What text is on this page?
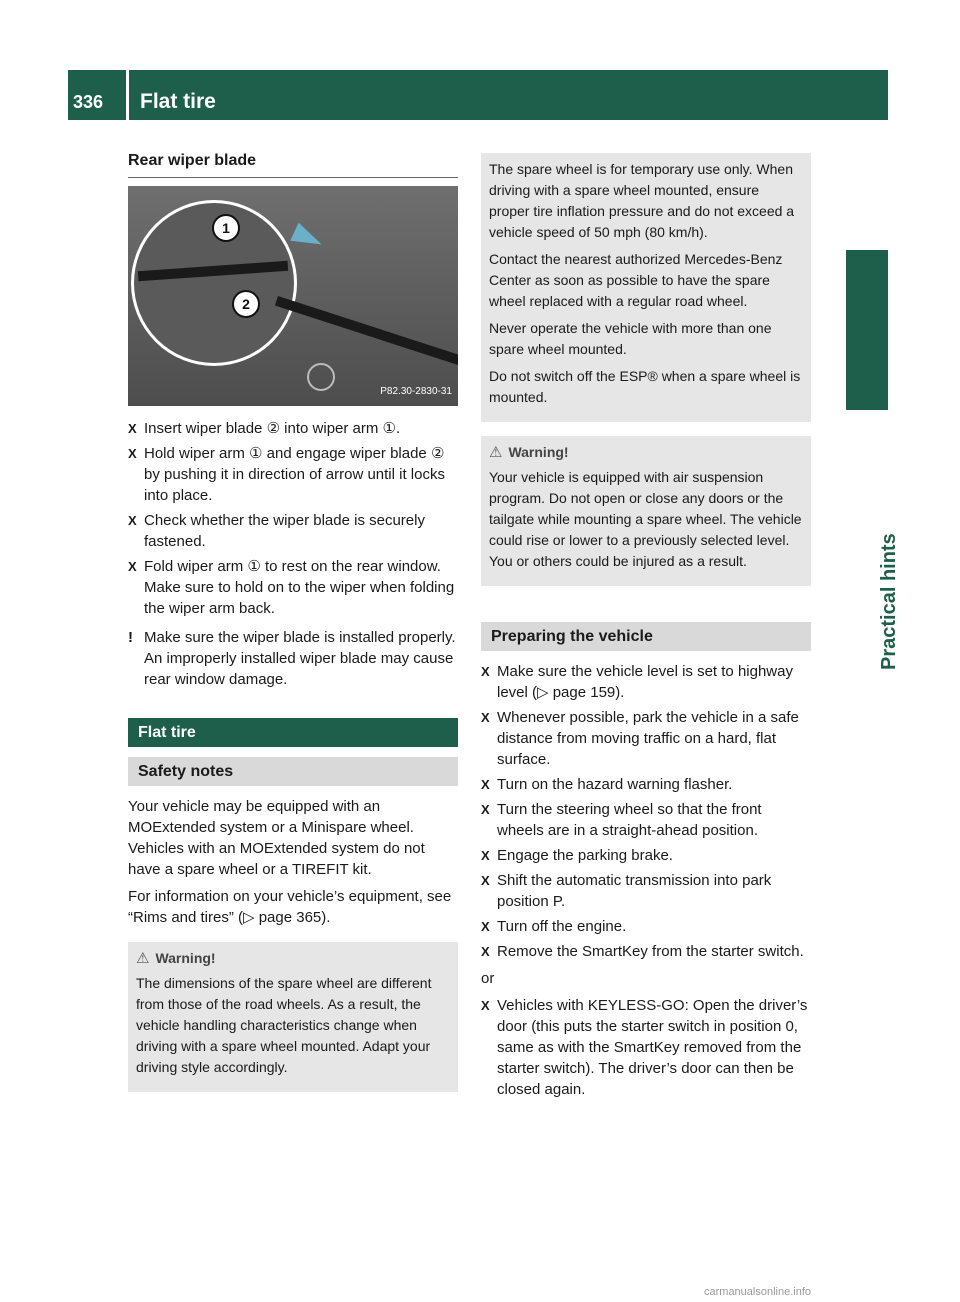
336 Flat tire
Practical hints
Rear wiper blade
1
2
P82.30-2830-31
X Insert wiper blade ② into wiper arm ①.
X Hold wiper arm ① and engage wiper blade ② by pushing it in direction of arrow until it locks into place.
X Check whether the wiper blade is securely fastened.
X Fold wiper arm ① to rest on the rear window. Make sure to hold on to the wiper when folding the wiper arm back.
! Make sure the wiper blade is installed properly. An improperly installed wiper blade may cause rear window damage.
Flat tire
Safety notes

Your vehicle may be equipped with an MOExtended system or a Minispare wheel. Vehicles with an MOExtended system do not have a spare wheel or a TIREFIT kit.

For information on your vehicle’s equipment, see “Rims and tires” (▷ page 365).

⚠ Warning!

The dimensions of the spare wheel are different from those of the road wheels. As a result, the vehicle handling characteristics change when driving with a spare wheel mounted. Adapt your driving style accordingly.

The spare wheel is for temporary use only. When driving with a spare wheel mounted, ensure proper tire inflation pressure and do not exceed a vehicle speed of 50 mph (80 km/h).

Contact the nearest authorized Mercedes-Benz Center as soon as possible to have the spare wheel replaced with a regular road wheel.

Never operate the vehicle with more than one spare wheel mounted.

Do not switch off the ESP® when a spare wheel is mounted.

⚠ Warning!

Your vehicle is equipped with air suspension program. Do not open or close any doors or the tailgate while mounting a spare wheel. The vehicle could rise or lower to a previously selected level. You or others could be injured as a result.

Preparing the vehicle
X Make sure the vehicle level is set to highway level (▷ page 159).
X Whenever possible, park the vehicle in a safe distance from moving traffic on a hard, flat surface.
X Turn on the hazard warning flasher.
X Turn the steering wheel so that the front wheels are in a straight-ahead position.
X Engage the parking brake.
X Shift the automatic transmission into park position P.
X Turn off the engine.
X Remove the SmartKey from the starter switch.
or
X Vehicles with KEYLESS-GO: Open the driver’s door (this puts the starter switch in position 0, same as with the SmartKey removed from the starter switch). The driver’s door can then be closed again.
carmanualsonline.info
